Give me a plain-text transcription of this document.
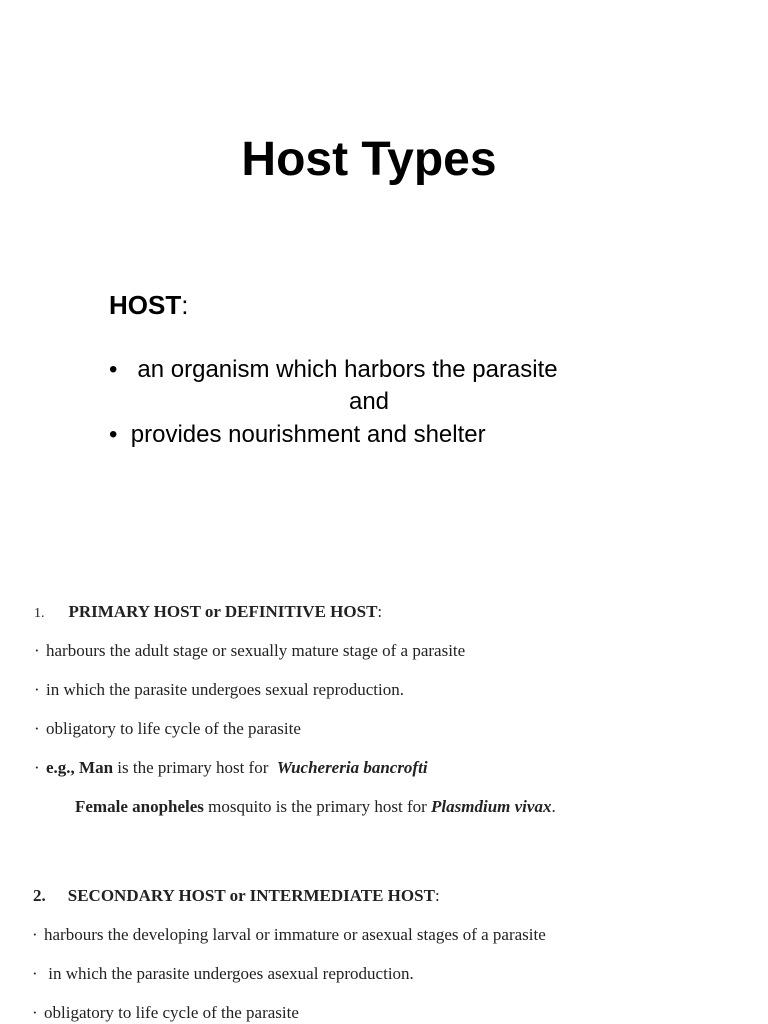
Host Types
HOST:
•   an organism which harbors the parasite
and
•  provides nourishment and shelter
1. PRIMARY HOST or DEFINITIVE HOST:
· harbours the adult stage or sexually mature stage of a parasite
· in which the parasite undergoes sexual reproduction.
· obligatory to life cycle of the parasite
· e.g., Man is the primary host for  Wuchereria bancrofti
Female anopheles mosquito is the primary host for Plasmdium vivax.
2. SECONDARY HOST or INTERMEDIATE HOST:
· harbours the developing larval or immature or asexual stages of a parasite
· in which the parasite undergoes asexual reproduction.
· obligatory to life cycle of the parasite
